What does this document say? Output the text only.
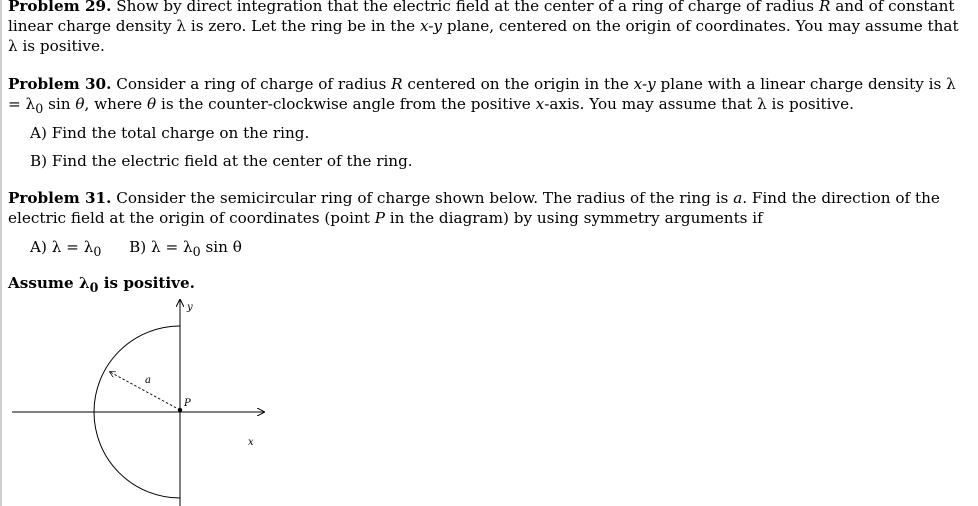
Problem 29. Show by direct integration that the electric field at the center of a ring of charge of radius R and of constant linear charge density λ is zero. Let the ring be in the x-y plane, centered on the origin of coordinates. You may assume that λ is positive.
Problem 30. Consider a ring of charge of radius R centered on the origin in the x-y plane with a linear charge density is $\lambda = \lambda_0$ sin θ, where θ is the counter-clockwise angle from the positive x-axis. You may assume that λ is positive.
A) Find the total charge on the ring.
B) Find the electric field at the center of the ring.
Problem 31. Consider the semicircular ring of charge shown below. The radius of the ring is a. Find the direction of the electric field at the origin of coordinates (point P in the diagram) by using symmetry arguments if
A) $\lambda = \lambda_0$ B) $\lambda = \lambda_0$ sin θ
Assume $\lambda_0$ is positive.
y
x
a
P
